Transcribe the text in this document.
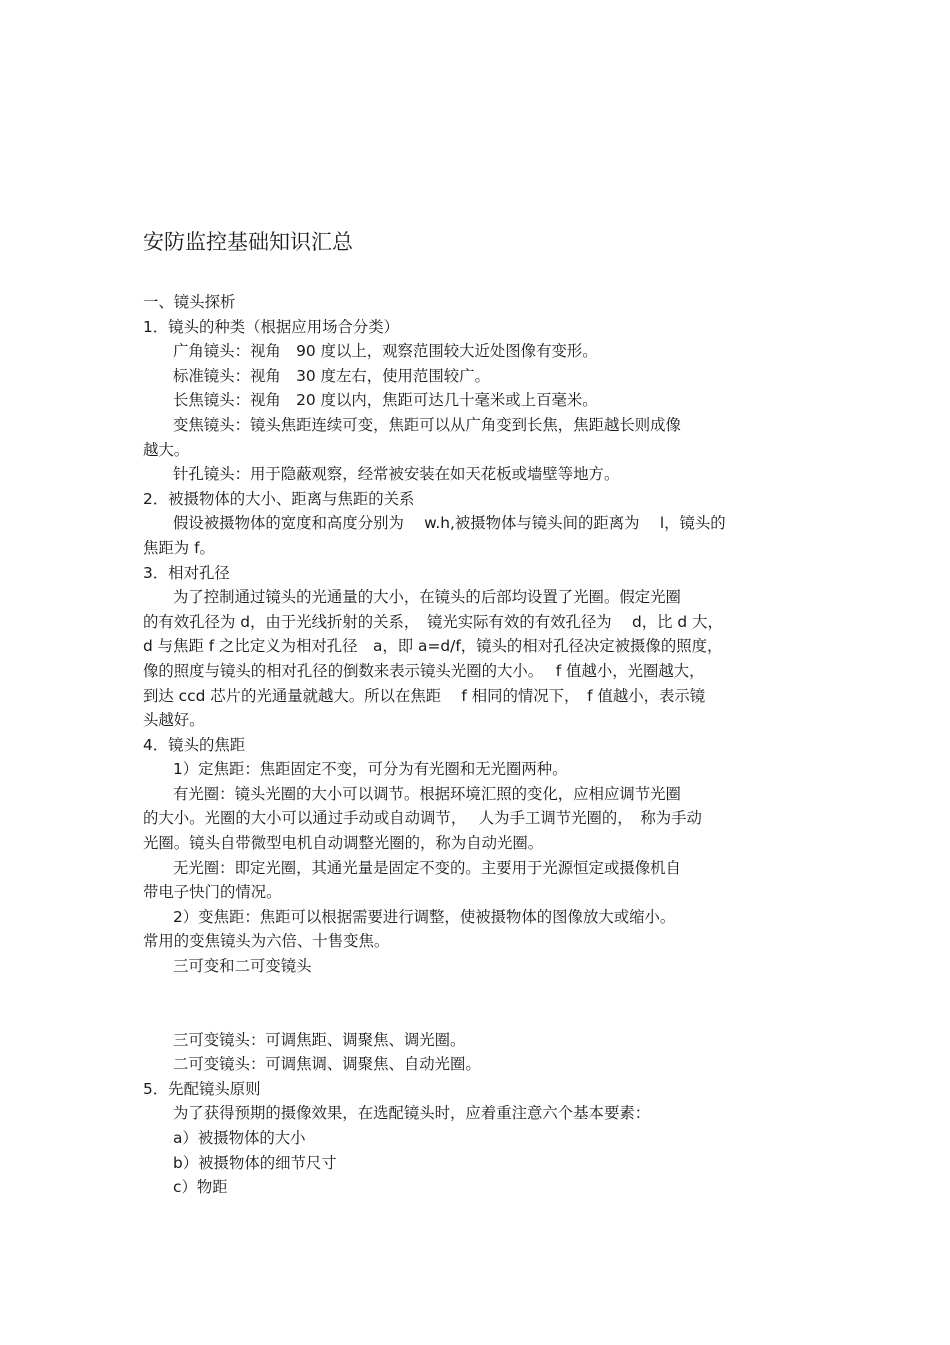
安防监控基础知识汇总
一、镜头探析
1．镜头的种类（根据应用场合分类）
广角镜头：视角　90 度以上，观察范围较大近处图像有变形。
标准镜头：视角　30 度左右，使用范围较广。
长焦镜头：视角　20 度以内，焦距可达几十毫米或上百毫米。
变焦镜头：镜头焦距连续可变，焦距可以从广角变到长焦，焦距越长则成像
越大。
针孔镜头：用于隐蔽观察，经常被安装在如天花板或墙壁等地方。
2．被摄物体的大小、距离与焦距的关系
假设被摄物体的宽度和高度分别为　 w.h,被摄物体与镜头间的距离为　 l，镜头的
焦距为 f。
3．相对孔径
为了控制通过镜头的光通量的大小，在镜头的后部均设置了光圈。假定光圈
的有效孔径为 d，由于光线折射的关系，　镜光实际有效的有效孔径为　 d，比 d 大，
d 与焦距 f 之比定义为相对孔径　a，即 a=d/f，镜头的相对孔径决定被摄像的照度，
像的照度与镜头的相对孔径的倒数来表示镜头光圈的大小。　 f 值越小，光圈越大，
到达 ccd 芯片的光通量就越大。所以在焦距　 f 相同的情况下，　f 值越小，表示镜
头越好。
4．镜头的焦距
1）定焦距：焦距固定不变，可分为有光圈和无光圈两种。
有光圈：镜头光圈的大小可以调节。根据环境汇照的变化，应相应调节光圈
的大小。光圈的大小可以通过手动或自动调节，　 人为手工调节光圈的，　称为手动
光圈。镜头自带微型电机自动调整光圈的，称为自动光圈。
无光圈：即定光圈，其通光量是固定不变的。主要用于光源恒定或摄像机自
带电子快门的情况。
2）变焦距：焦距可以根据需要进行调整，使被摄物体的图像放大或缩小。
常用的变焦镜头为六倍、十售变焦。
三可变和二可变镜头
三可变镜头：可调焦距、调聚焦、调光圈。
二可变镜头：可调焦调、调聚焦、自动光圈。
5．先配镜头原则
为了获得预期的摄像效果，在选配镜头时，应着重注意六个基本要素：
a）被摄物体的大小
b）被摄物体的细节尺寸
c）物距
